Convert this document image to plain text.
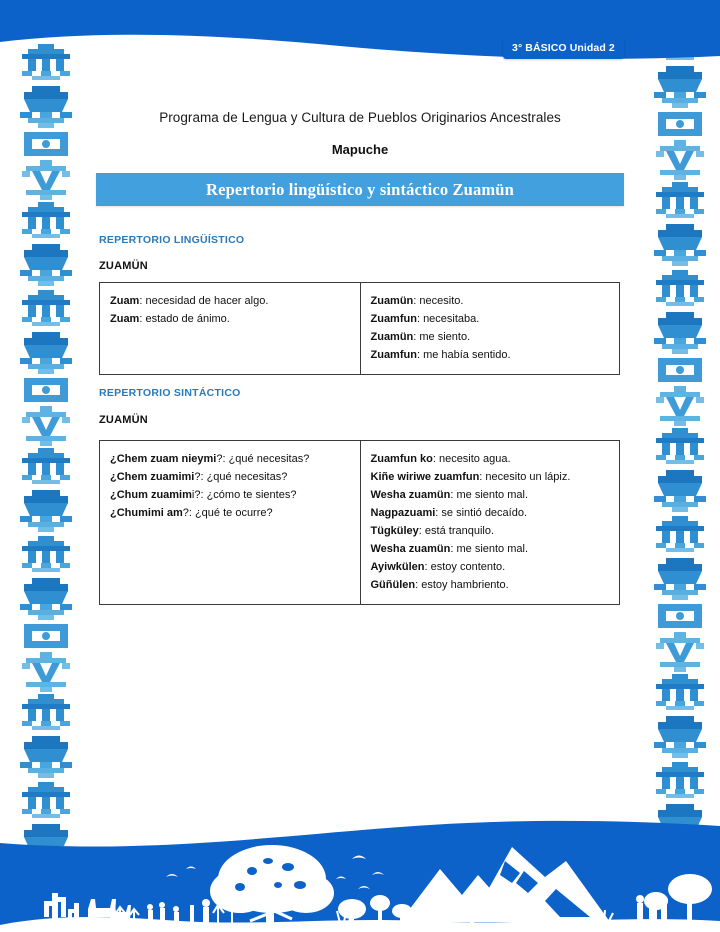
3° BÁSICO Unidad 2
Programa de Lengua y Cultura de Pueblos Originarios Ancestrales
Mapuche
Repertorio lingüístico y sintáctico Zuamün
REPERTORIO LINGÜÍSTICO
ZUAMÜN
Zuam: necesidad de hacer algo.
Zuam: estado de ánimo.
Zuamün: necesito.
Zuamfun: necesitaba.
Zuamün: me siento.
Zuamfun: me había sentido.
REPERTORIO SINTÁCTICO
ZUAMÜN
¿Chem zuam nieymi?: ¿qué necesitas?
¿Chem zuamimi?: ¿qué necesitas?
¿Chum zuamimi?: ¿cómo te sientes?
¿Chumimi am?: ¿qué te ocurre?
Zuamfun ko: necesito agua.
Kiñe wiriwe zuamfun: necesito un lápiz.
Wesha zuamün: me siento mal.
Nagpazuami: se sintió decaído.
Tügküley: está tranquilo.
Wesha zuamün: me siento mal.
Ayiwkülen: estoy contento.
Güñülen: estoy hambriento.
